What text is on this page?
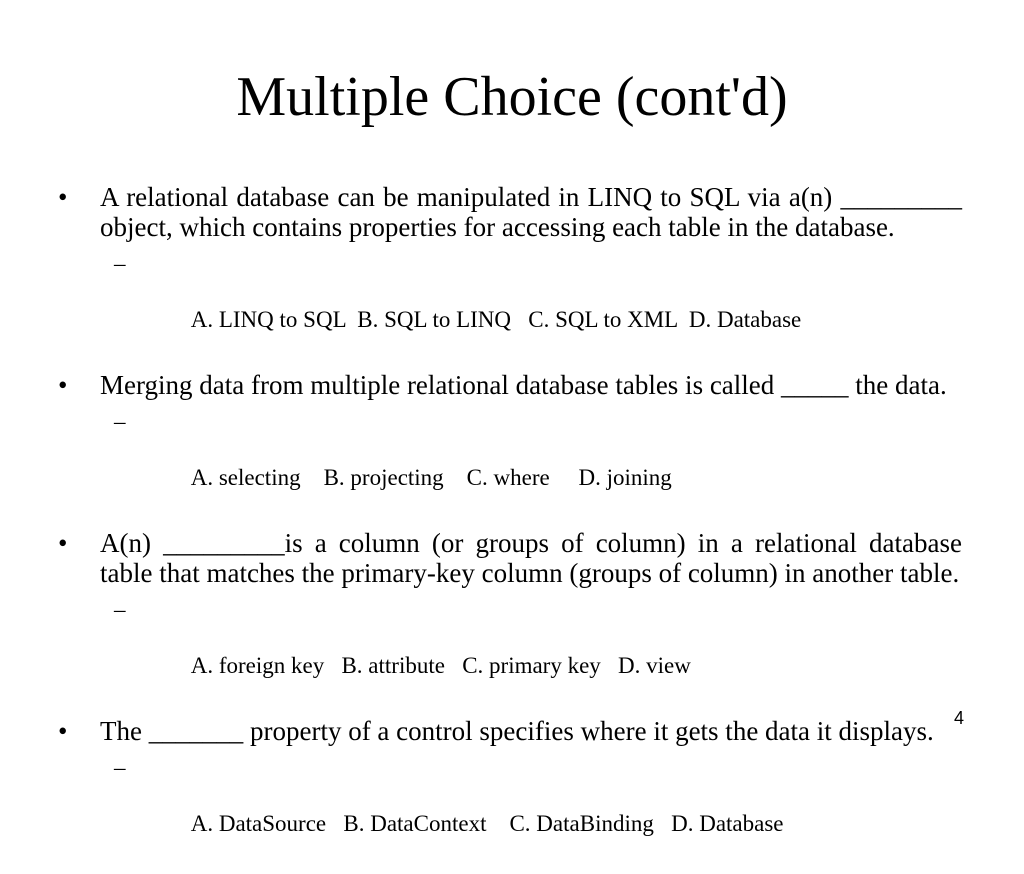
Multiple Choice (cont'd)

• A relational database can be manipulated in LINQ to SQL via a(n) _________ object, which contains properties for accessing each table in the database.

–

A. LINQ to SQL  B. SQL to LINQ   C. SQL to XML  D. Database

• Merging data from multiple relational database tables is called _____ the data.

–

A. selecting    B. projecting    C. where     D. joining

• A(n) _________is a column (or groups of column) in a relational database table that matches the primary-key column (groups of column) in another table.

–

A. foreign key   B. attribute   C. primary key   D. view

• The _______ property of a control specifies where it gets the data it displays.

–

A. DataSource   B. DataContext    C. DataBinding   D. Database

4
